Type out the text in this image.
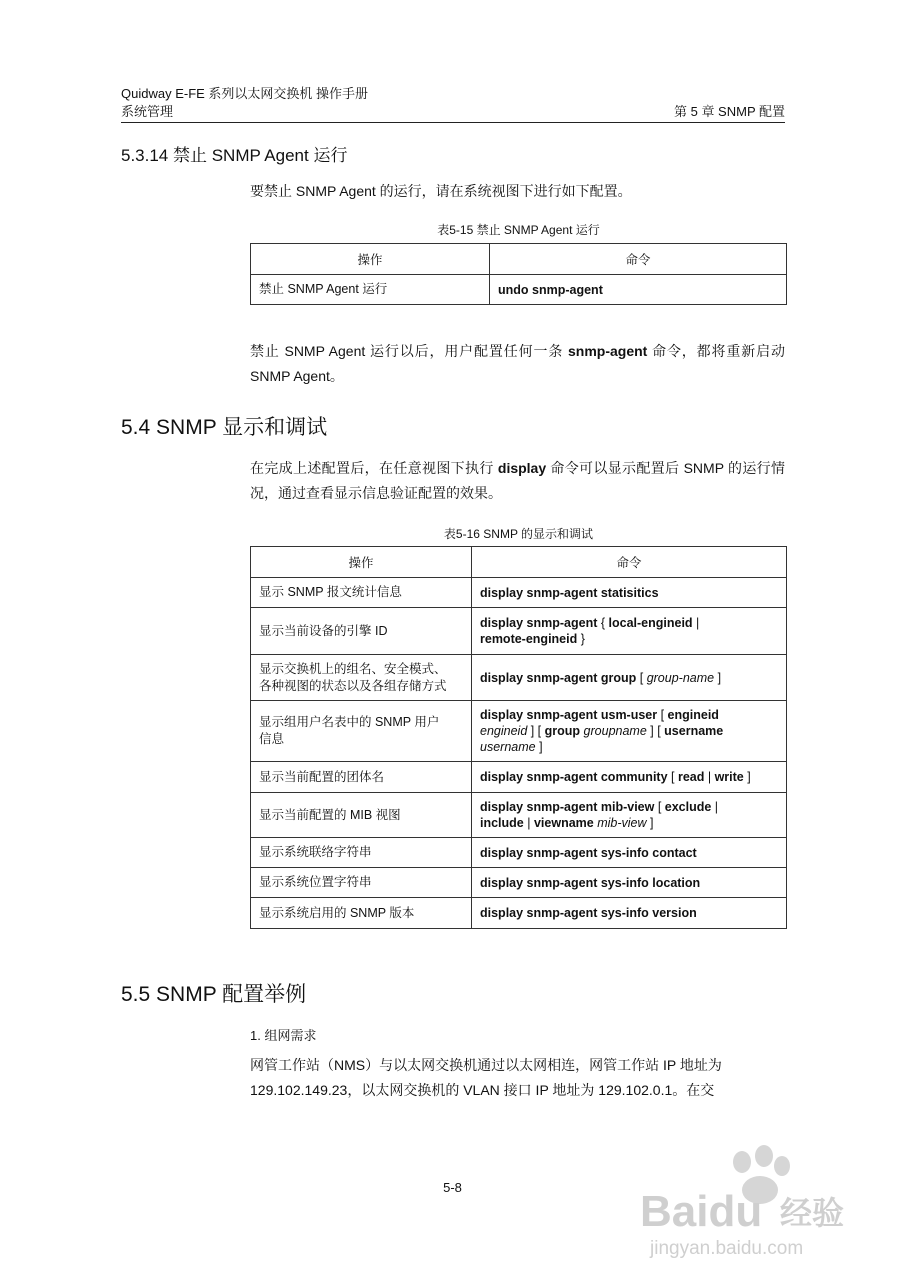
Quidway E-FE 系列以太网交换机 操作手册
系统管理	第 5 章 SNMP 配置
5.3.14 禁止 SNMP Agent 运行
要禁止 SNMP Agent 的运行，请在系统视图下进行如下配置。
表5-15 禁止 SNMP Agent 运行
操作	命令
禁止 SNMP Agent 运行	undo snmp-agent
禁止 SNMP Agent 运行以后，用户配置任何一条 snmp-agent 命令，都将重新启动 SNMP Agent。
5.4 SNMP 显示和调试
在完成上述配置后，在任意视图下执行 display 命令可以显示配置后 SNMP 的运行情况，通过查看显示信息验证配置的效果。
表5-16 SNMP 的显示和调试
操作	命令
显示 SNMP 报文统计信息	display snmp-agent statisitics
显示当前设备的引擎 ID	display snmp-agent { local-engineid |
remote-engineid }
显示交换机上的组名、安全模式、
各种视图的状态以及各组存储方式	display snmp-agent group [ group-name ]
显示组用户名表中的 SNMP 用户
信息	display snmp-agent usm-user [ engineid
engineid ] [ group groupname ] [ username
username ]
显示当前配置的团体名	display snmp-agent community [ read | write ]
显示当前配置的 MIB 视图	display snmp-agent mib-view [ exclude |
include | viewname mib-view ]
显示系统联络字符串	display snmp-agent sys-info contact
显示系统位置字符串	display snmp-agent sys-info location
显示系统启用的 SNMP 版本	display snmp-agent sys-info version
5.5 SNMP 配置举例
1. 组网需求
网管工作站（NMS）与以太网交换机通过以太网相连，网管工作站 IP 地址为
129.102.149.23，以太网交换机的 VLAN 接口 IP 地址为 129.102.0.1。在交
5-8	Baidu 经验
jingyan.baidu.com
